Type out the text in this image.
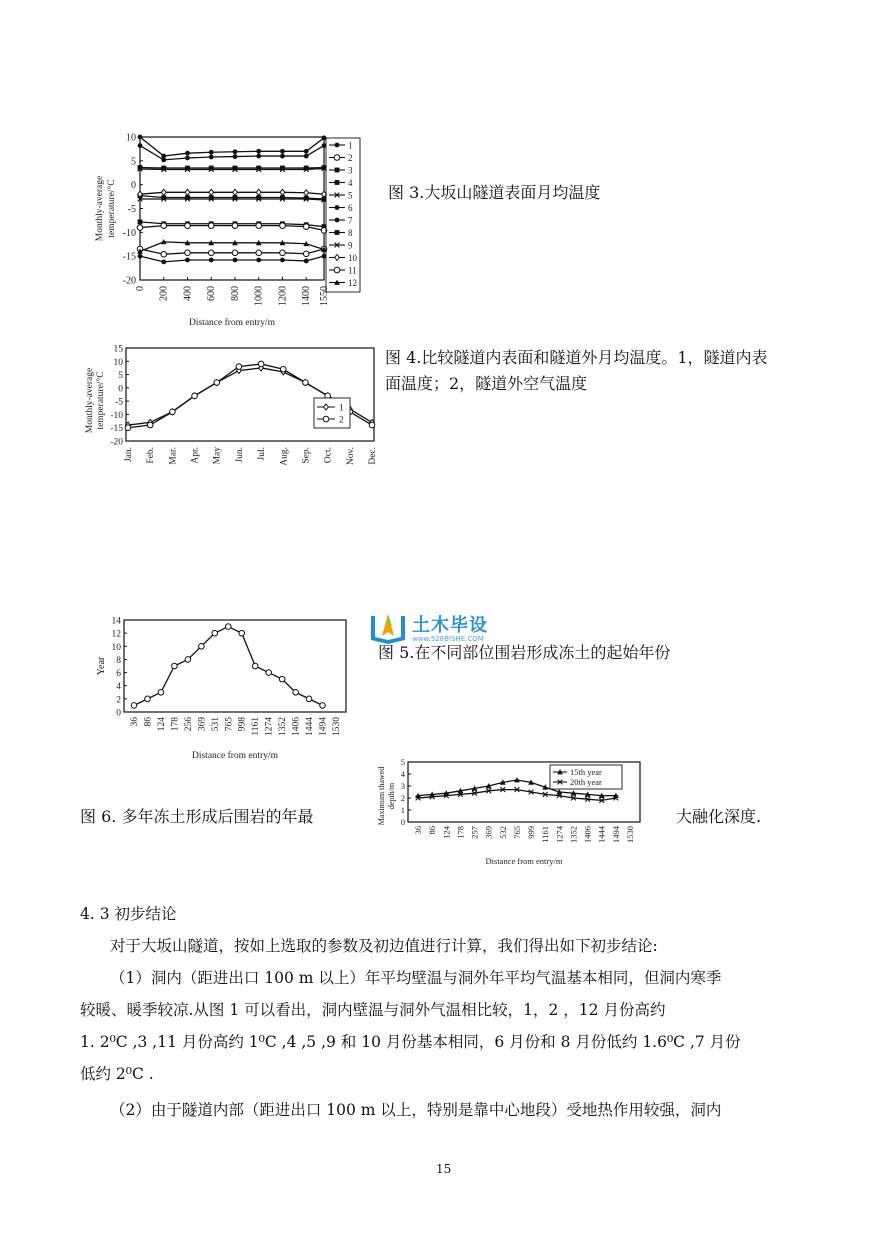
10
5
0
-5
-10
-15
-20
0 200 400 600 800 1000 1200 1400 1550
Distance from entry/m
Monthly-average temperature/°C
1
2
3
4
5
6
7
8
9
10
11
12
图 3.大坂山隧道表面月均温度
15
10
5
0
-5
-10
-15
-20
Jan. Feb. Mar. Apr. May Jun. Jul. Aug. Sep. Oct. Nov. Dec.
Monthly-average temperature/°C	1
2
图 4.比较隧道内表面和隧道外月均温度。1，隧道内表
面温度；2，隧道外空气温度
14
12
10
8
6
4
2
0
36 86 124 178 256 369 531 765 998 1161 1274 1352 1406 1444 1494 1530
Distance from entry/m
Year
土木毕设
www.528BISHE.COM
图 5.在不同部位围岩形成冻土的起始年份
图 6. 多年冻土形成后围岩的年最
5
4
3
2
1
0
36 86 124 178 257 369 532 765 999 1161 1274 1352 1406 1444 1494 1530
Distance from entry/m
Maximum thawed depth/m
15th year
20th year
大融化深度.
4. 3 初步结论
对于大坂山隧道，按如上选取的参数及初边值进行计算，我们得出如下初步结论:
（1）洞内（距进出口 100 m 以上）年平均壁温与洞外年平均气温基本相同，但洞内寒季
较暖、暖季较凉.从图 1 可以看出，洞内壁温与洞外气温相比较，1，2 ，12 月份高约
1. 2⁰C ,3 ,11 月份高约 1⁰C ,4 ,5 ,9 和 10 月份基本相同，6 月份和 8 月份低约 1.6⁰C ,7 月份
低约 2⁰C .
（2）由于隧道内部（距进出口 100 m 以上，特别是靠中心地段）受地热作用较强，洞内
15
